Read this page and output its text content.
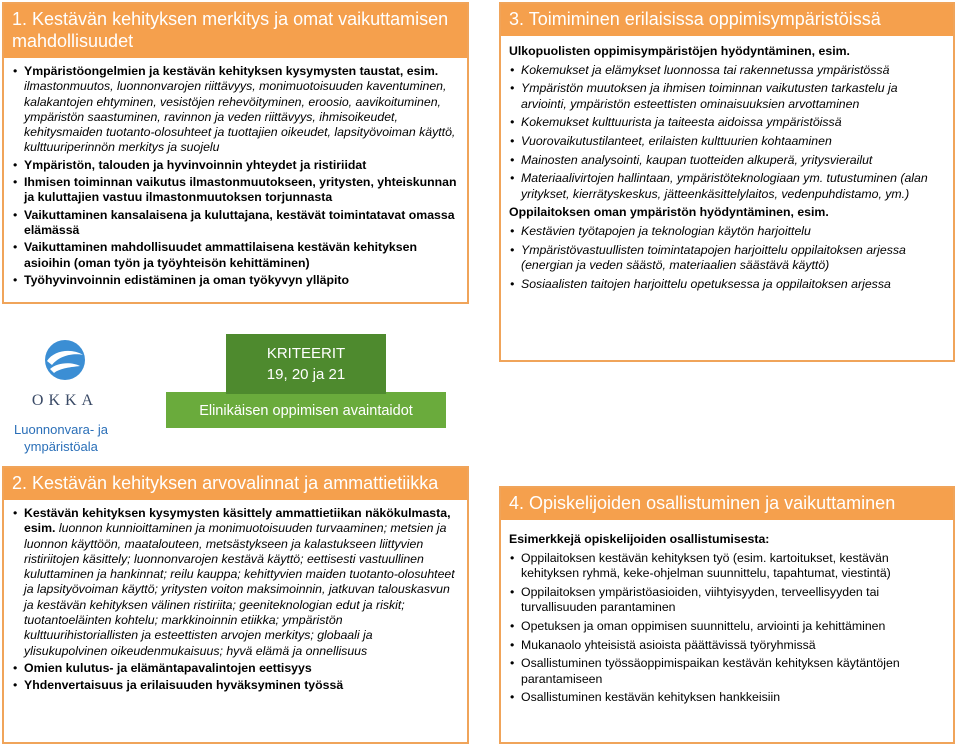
1. Kestävän kehityksen merkitys ja omat vaikuttamisen mahdollisuudet
• Ympäristöongelmien ja kestävän kehityksen kysymysten taustat, esim. ilmastonmuutos, luonnonvarojen riittävyys, monimuotoisuuden kaventuminen, kalakantojen ehtyminen, vesistöjen rehevöityminen, eroosio, aavikoituminen, ympäristön saastuminen, ravinnon ja veden riittävyys, ihmisoikeudet, kehitysmaiden tuotanto-olosuhteet ja tuottajien oikeudet, lapsityövoiman käyttö, kulttuuriperinnön merkitys ja suojelu
• Ympäristön, talouden ja hyvinvoinnin yhteydet ja ristiriidat
• Ihmisen toiminnan vaikutus ilmastonmuutokseen, yritysten, yhteiskunnan ja kuluttajien vastuu ilmastonmuutoksen torjunnasta
• Vaikuttaminen kansalaisena ja kuluttajana, kestävät toimintatavat omassa elämässä
• Vaikuttaminen mahdollisuudet ammattilaisena kestävän kehityksen asioihin (oman työn ja työyhteisön kehittäminen)
• Työhyvinvoinnin edistäminen ja oman työkyvyn ylläpito
OKKA
Luonnonvara- ja ympäristöala
KRITEERIT
19, 20 ja 21
Elinikäisen oppimisen avaintaidot
2. Kestävän kehityksen arvovalinnat ja ammattietiikka
• Kestävän kehityksen kysymysten käsittely ammattietiikan näkökulmasta, esim. luonnon kunnioittaminen ja monimuotoisuuden turvaaminen; metsien ja luonnon käyttöön, maatalouteen, metsästykseen ja kalastukseen liittyvien ristiriitojen käsittely; luonnonvarojen kestävä käyttö; eettisesti vastuullinen kuluttaminen ja hankinnat; reilu kauppa; kehittyvien maiden tuotanto-olosuhteet ja lapsityövoiman käyttö; yritysten voiton maksimoinnin, jatkuvan talouskasvun ja kestävän kehityksen välinen ristiriita; geeniteknologian edut ja riskit; tuotantoeläinten kohtelu; markkinoinnin etiikka; ympäristön kulttuurihistoriallisten ja esteettisten arvojen merkitys; globaali ja ylisukupolvinen oikeudenmukaisuus; hyvä elämä ja onnellisuus
• Omien kulutus- ja elämäntapavalintojen eettisyys
• Yhdenvertaisuus ja erilaisuuden hyväksyminen työssä
3. Toimiminen erilaisissa oppimisympäristöissä
Ulkopuolisten oppimisympäristöjen hyödyntäminen, esim.
• Kokemukset ja elämykset luonnossa tai rakennetussa ympäristössä
• Ympäristön muutoksen ja ihmisen toiminnan vaikutusten tarkastelu ja arviointi, ympäristön esteettisten ominaisuuksien arvottaminen
• Kokemukset kulttuurista ja taiteesta aidoissa ympäristöissä
• Vuorovaikutustilanteet, erilaisten kulttuurien kohtaaminen
• Mainosten analysointi, kaupan tuotteiden alkuperä, yritysvierailut
• Materiaalivirtojen hallintaan, ympäristöteknologiaan ym. tutustuminen (alan yritykset, kierrätyskeskus, jätteenkäsittelylaitos, vedenpuhdistamo, ym.)
Oppilaitoksen oman ympäristön hyödyntäminen, esim.
• Kestävien työtapojen ja teknologian käytön harjoittelu
• Ympäristövastuullisten toimintatapojen harjoittelu oppilaitoksen arjessa (energian ja veden säästö, materiaalien säästävä käyttö)
• Sosiaalisten taitojen harjoittelu opetuksessa ja oppilaitoksen arjessa
4. Opiskelijoiden osallistuminen ja vaikuttaminen
Esimerkkejä opiskelijoiden osallistumisesta:
• Oppilaitoksen kestävän kehityksen työ (esim. kartoitukset, kestävän kehityksen ryhmä, keke-ohjelman suunnittelu, tapahtumat, viestintä)
• Oppilaitoksen ympäristöasioiden, viihtyisyyden, terveellisyyden tai turvallisuuden parantaminen
• Opetuksen ja oman oppimisen suunnittelu, arviointi ja kehittäminen
• Mukanaolo yhteisistä asioista päättävissä työryhmissä
• Osallistuminen työssäoppimispaikan kestävän kehityksen käytäntöjen parantamiseen
• Osallistuminen kestävän kehityksen hankkeisiin
